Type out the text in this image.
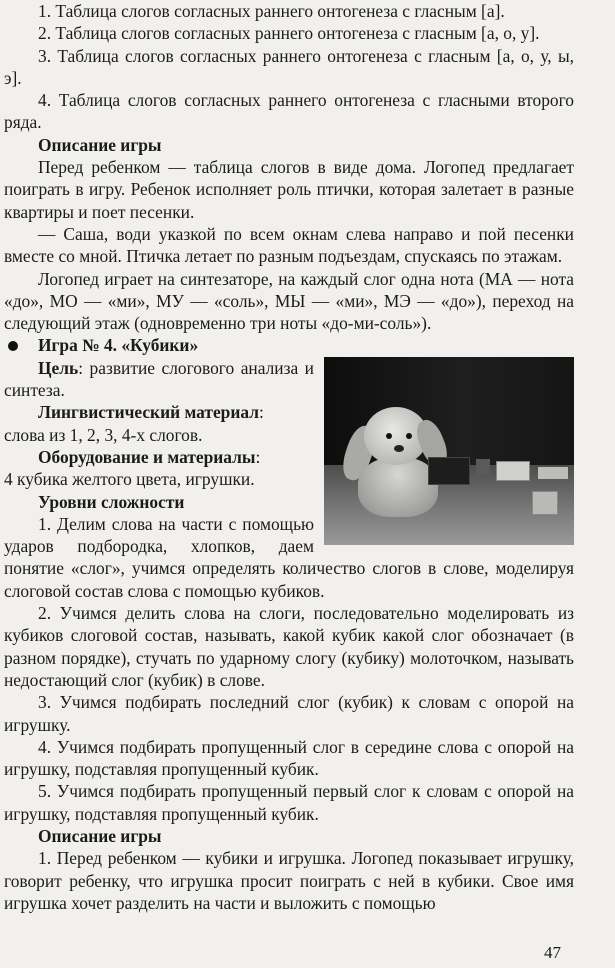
1. Таблица слогов согласных раннего онтогенеза с гласным [а].

2. Таблица слогов согласных раннего онтогенеза с гласным [а, о, у].

3. Таблица слогов согласных раннего онтогенеза с гласным [а, о, у, ы, э].

4. Таблица слогов согласных раннего онтогенеза с гласными второго ряда.

Описание игры

Перед ребенком — таблица слогов в виде дома. Логопед предлагает поиграть в игру. Ребенок исполняет роль птички, которая залетает в разные квартиры и поет песенки.

— Саша, води указкой по всем окнам слева направо и пой песенки вместе со мной. Птичка летает по разным подъездам, спускаясь по этажам.

Логопед играет на синтезаторе, на каждый слог одна нота (МА — нота «до», МО — «ми», МУ — «соль», МЫ — «ми», МЭ — «до»), переход на следующий этаж (одновременно три ноты «до-ми-соль»).

Игра № 4. «Кубики»

Цель: развитие слогового анализа и синтеза.

Лингвистический материал:

слова из 1, 2, 3, 4-х слогов.

Оборудование и материалы:

4 кубика желтого цвета, игрушки.

Уровни сложности

1. Делим слова на части с помощью ударов подбородка, хлопков, даем понятие «слог», учимся определять количество слогов в слове, моделируя слоговой состав слова с помощью кубиков.

2. Учимся делить слова на слоги, последовательно моделировать из кубиков слоговой состав, называть, какой кубик какой слог обозначает (в разном порядке), стучать по ударному слогу (кубику) молоточком, называть недостающий слог (кубик) в слове.

3. Учимся подбирать последний слог (кубик) к словам с опорой на игрушку.

4. Учимся подбирать пропущенный слог в середине слова с опорой на игрушку, подставляя пропущенный кубик.

5. Учимся подбирать пропущенный первый слог к словам с опорой на игрушку, подставляя пропущенный кубик.

Описание игры

1. Перед ребенком — кубики и игрушка. Логопед показывает игрушку, говорит ребенку, что игрушка просит поиграть с ней в кубики. Свое имя игрушка хочет разделить на части и выложить с помощью

47
